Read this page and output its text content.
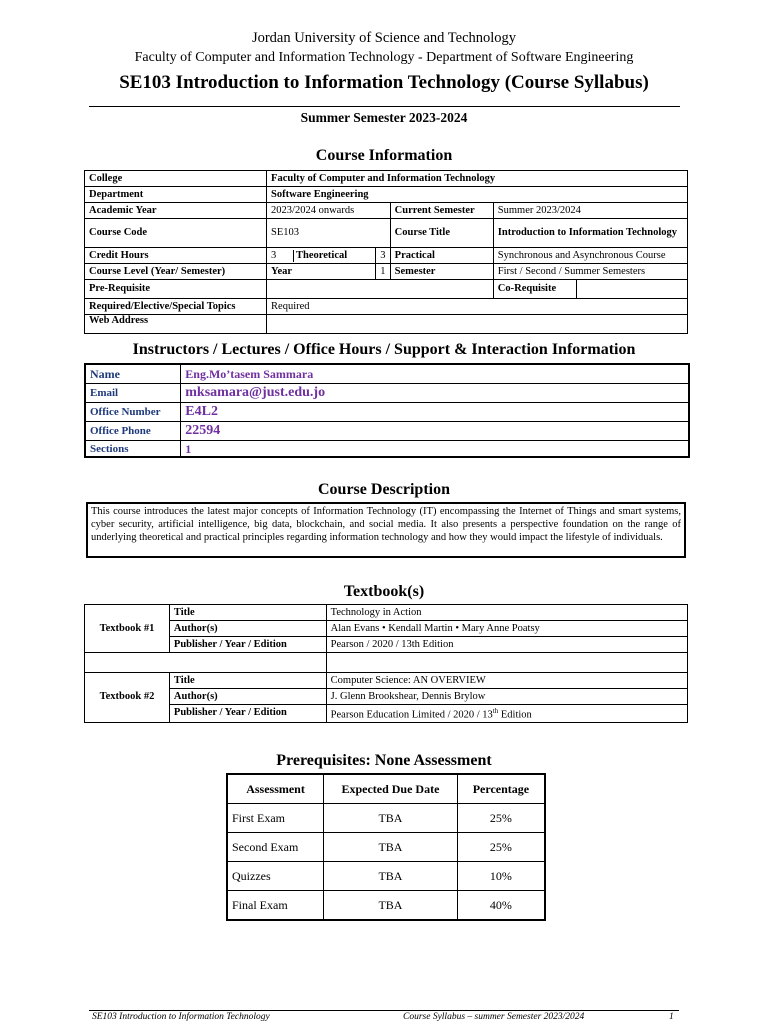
Jordan University of Science and Technology
Faculty of Computer and Information Technology - Department of Software Engineering
SE103 Introduction to Information Technology (Course Syllabus)
Summer Semester 2023-2024
Course Information
College	Faculty of Computer and Information Technology				
Department	Software Engineering				
Academic Year	2023/2024 onwards		Current Semester	Summer 2023/2024	
Course Code	SE103		Course Title	Introduction to Information Technology	
Credit Hours	3 Theoretical	3	Practical	Synchronous and Asynchronous Course	
Course Level (Year/ Semester)	Year	1	Semester	First / Second / Summer Semesters	
Pre-Requisite				Co-Requisite	
Required/Elective/Special Topics	Required				
Web Address					
Instructors / Lectures / Office Hours / Support & Interaction Information
Name	Eng.Mo’tasem Sammara
Email	mksamara@just.edu.jo
Office Number	E4L2
Office Phone	22594
Sections	1
Course Description
This course introduces the latest major concepts of Information Technology (IT) encompassing the Internet of Things and smart systems, cyber security, artificial intelligence, big data, blockchain, and social media. It also presents a perspective foundation on the range of underlying theoretical and practical principles regarding information technology and how they would impact the lifestyle of individuals.
Textbook(s)
Textbook #1	Title	Technology in Action
	Author(s)	Alan Evans • Kendall Martin • Mary Anne Poatsy
	Publisher / Year / Edition	Pearson / 2020 / 13th Edition

Textbook #2	Title	Computer Science: AN OVERVIEW
	Author(s)	J. Glenn Brookshear, Dennis Brylow
	Publisher / Year / Edition	Pearson Education Limited / 2020 / 13th Edition
Prerequisites: None Assessment
Assessment	Expected Due Date	Percentage
First Exam	TBA	25%
Second Exam	TBA	25%
Quizzes	TBA	10%
Final Exam	TBA	40%
SE103 Introduction to Information Technology	Course Syllabus – summer Semester 2023/2024	1
